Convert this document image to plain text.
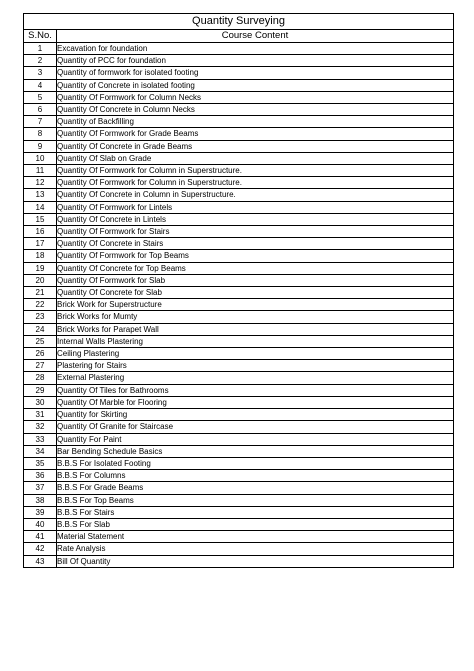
Quantity Surveying	
S.No.	Course Content
1	Excavation for foundation
2	Quantity of PCC for foundation
3	Quantity of formwork for isolated footing
4	Quantity of Concrete in isolated footing
5	Quantity Of Formwork for Column Necks
6	Quantity Of Concrete in Column Necks
7	Quantity of Backfilling
8	Quantity Of Formwork for Grade Beams
9	Quantity Of Concrete in Grade Beams
10	Quantity Of Slab on Grade
11	Quantity Of Formwork for Column in Superstructure.
12	Quantity Of Formwork for Column in Superstructure.
13	Quantity Of Concrete in Column in Superstructure.
14	Quantity Of Formwork for Lintels
15	Quantity Of Concrete in Lintels
16	Quantity Of Formwork for Stairs
17	Quantity Of Concrete in Stairs
18	Quantity Of Formwork for Top Beams
19	Quantity Of Concrete for Top Beams
20	Quantity Of Formwork for Slab
21	Quantity Of Concrete for Slab
22	Brick Work for Superstructure
23	Brick Works for Mumty
24	Brick Works for Parapet Wall
25	Internal Walls Plastering
26	Ceiling Plastering
27	Plastering for Stairs
28	External Plastering
29	Quantity Of Tiles for Bathrooms
30	Quantity Of Marble for Flooring
31	Quantity for Skirting
32	Quantity Of Granite for Staircase
33	Quantity For Paint
34	Bar Bending Schedule Basics
35	B.B.S For Isolated Footing
36	B.B.S For Columns
37	B.B.S For Grade Beams
38	B.B.S For Top Beams
39	B.B.S For Stairs
40	B.B.S For Slab
41	Material Statement
42	Rate Analysis
43	Bill Of Quantity
